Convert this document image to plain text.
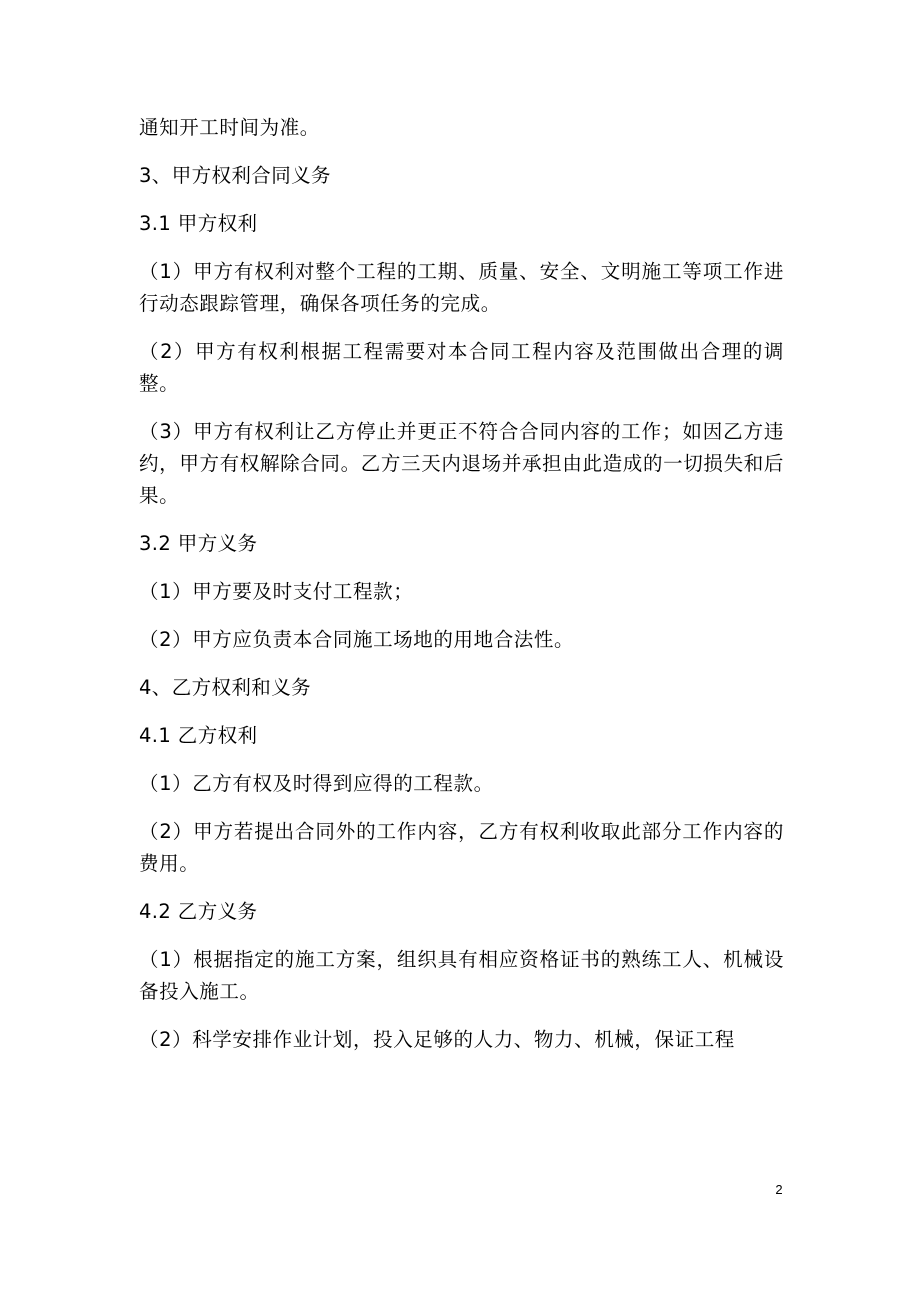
通知开工时间为准。

3、甲方权利合同义务

3.1 甲方权利

（1）甲方有权利对整个工程的工期、质量、安全、文明施工等项工作进行动态跟踪管理，确保各项任务的完成。

（2）甲方有权利根据工程需要对本合同工程内容及范围做出合理的调整。

（3）甲方有权利让乙方停止并更正不符合合同内容的工作；如因乙方违约，甲方有权解除合同。乙方三天内退场并承担由此造成的一切损失和后果。

3.2 甲方义务

（1）甲方要及时支付工程款；

（2）甲方应负责本合同施工场地的用地合法性。

4、乙方权利和义务

4.1 乙方权利

（1）乙方有权及时得到应得的工程款。

（2）甲方若提出合同外的工作内容，乙方有权利收取此部分工作内容的费用。

4.2 乙方义务

（1）根据指定的施工方案，组织具有相应资格证书的熟练工人、机械设备投入施工。

（2）科学安排作业计划，投入足够的人力、物力、机械，保证工程

2
